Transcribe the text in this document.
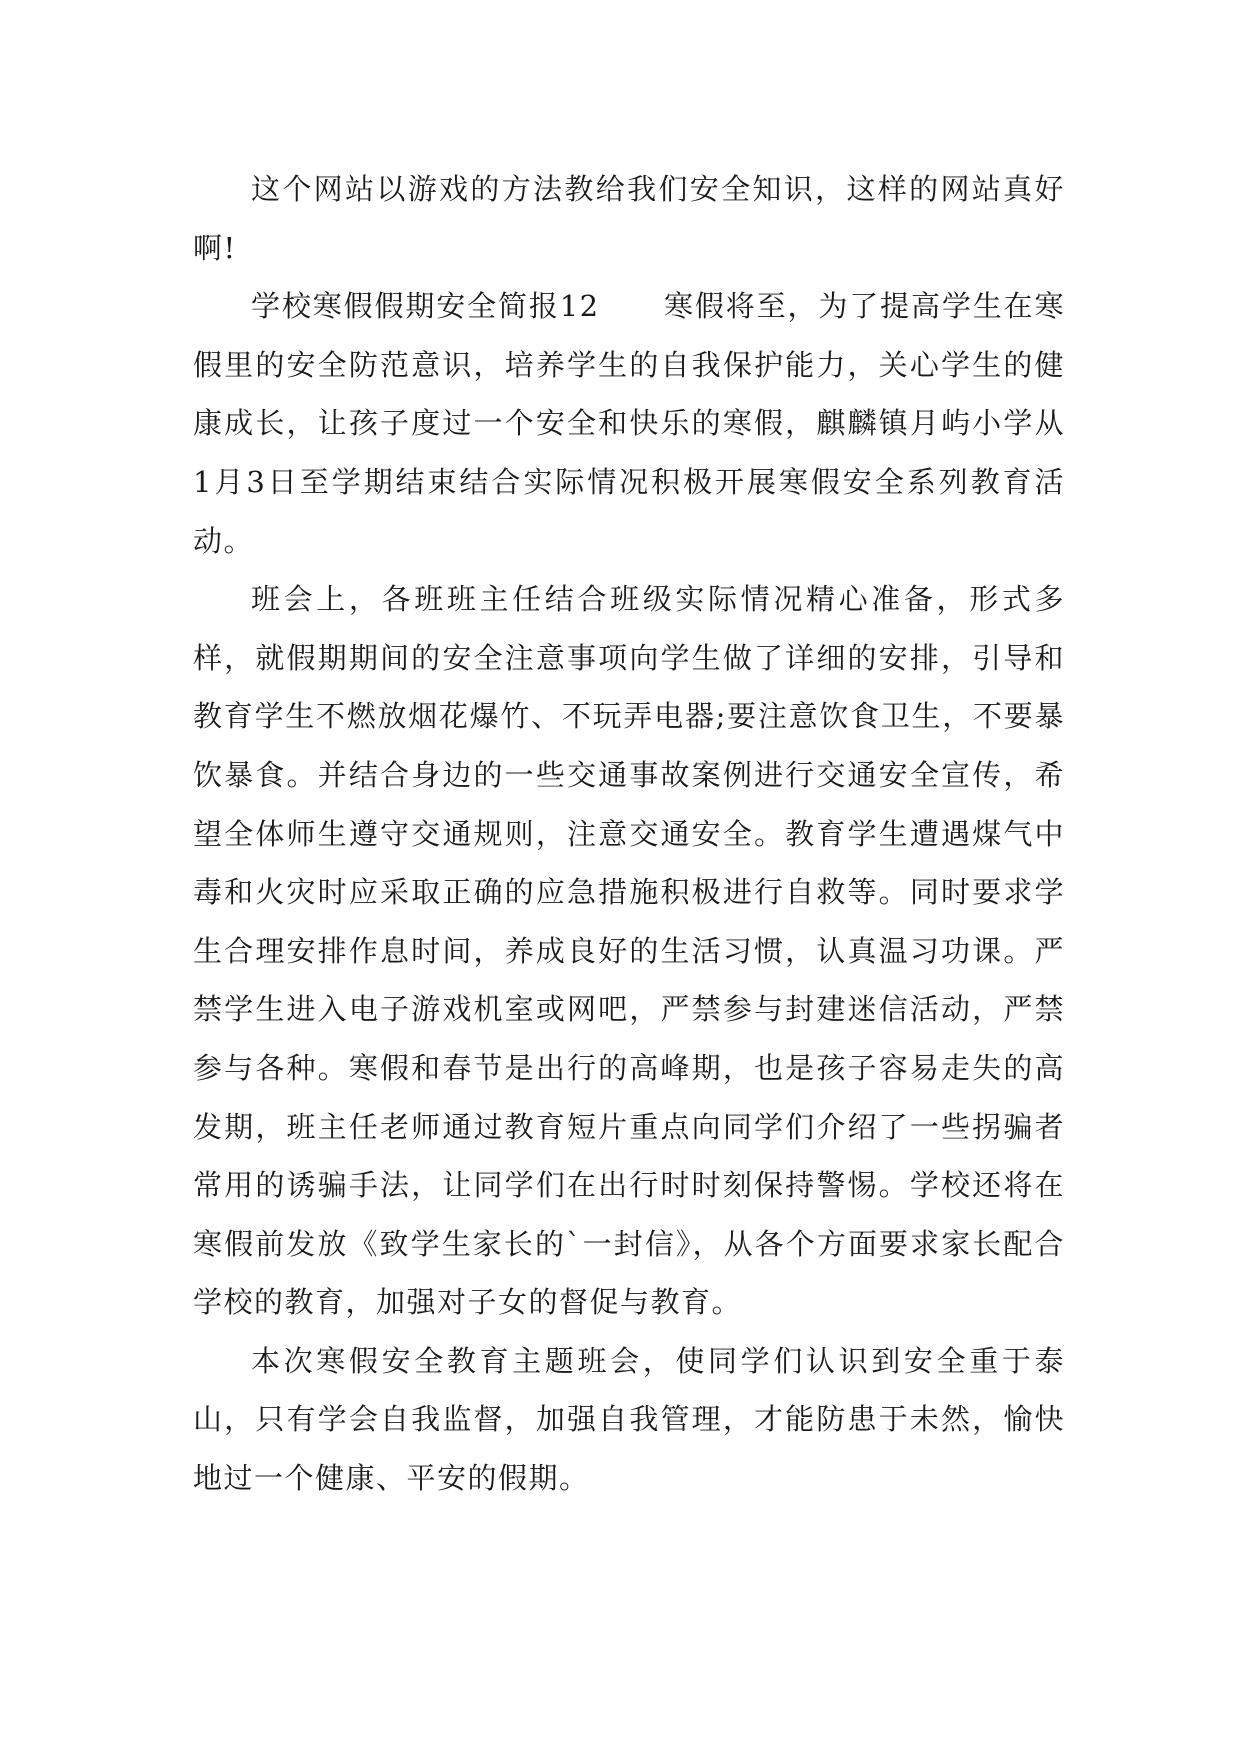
这个网站以游戏的方法教给我们安全知识，这样的网站真好啊!

学校寒假假期安全简报12 寒假将至，为了提高学生在寒假里的安全防范意识，培养学生的自我保护能力，关心学生的健康成长，让孩子度过一个安全和快乐的寒假，麒麟镇月屿小学从1月3日至学期结束结合实际情况积极开展寒假安全系列教育活动。

班会上，各班班主任结合班级实际情况精心准备，形式多样，就假期期间的安全注意事项向学生做了详细的安排，引导和教育学生不燃放烟花爆竹、不玩弄电器;要注意饮食卫生，不要暴饮暴食。并结合身边的一些交通事故案例进行交通安全宣传，希望全体师生遵守交通规则，注意交通安全。教育学生遭遇煤气中毒和火灾时应采取正确的应急措施积极进行自救等。同时要求学生合理安排作息时间，养成良好的生活习惯，认真温习功课。严禁学生进入电子游戏机室或网吧，严禁参与封建迷信活动，严禁参与各种。寒假和春节是出行的高峰期，也是孩子容易走失的高发期，班主任老师通过教育短片重点向同学们介绍了一些拐骗者常用的诱骗手法，让同学们在出行时时刻保持警惕。学校还将在寒假前发放《致学生家长的`一封信》，从各个方面要求家长配合学校的教育，加强对子女的督促与教育。

本次寒假安全教育主题班会，使同学们认识到安全重于泰山，只有学会自我监督，加强自我管理，才能防患于未然，愉快地过一个健康、平安的假期。
